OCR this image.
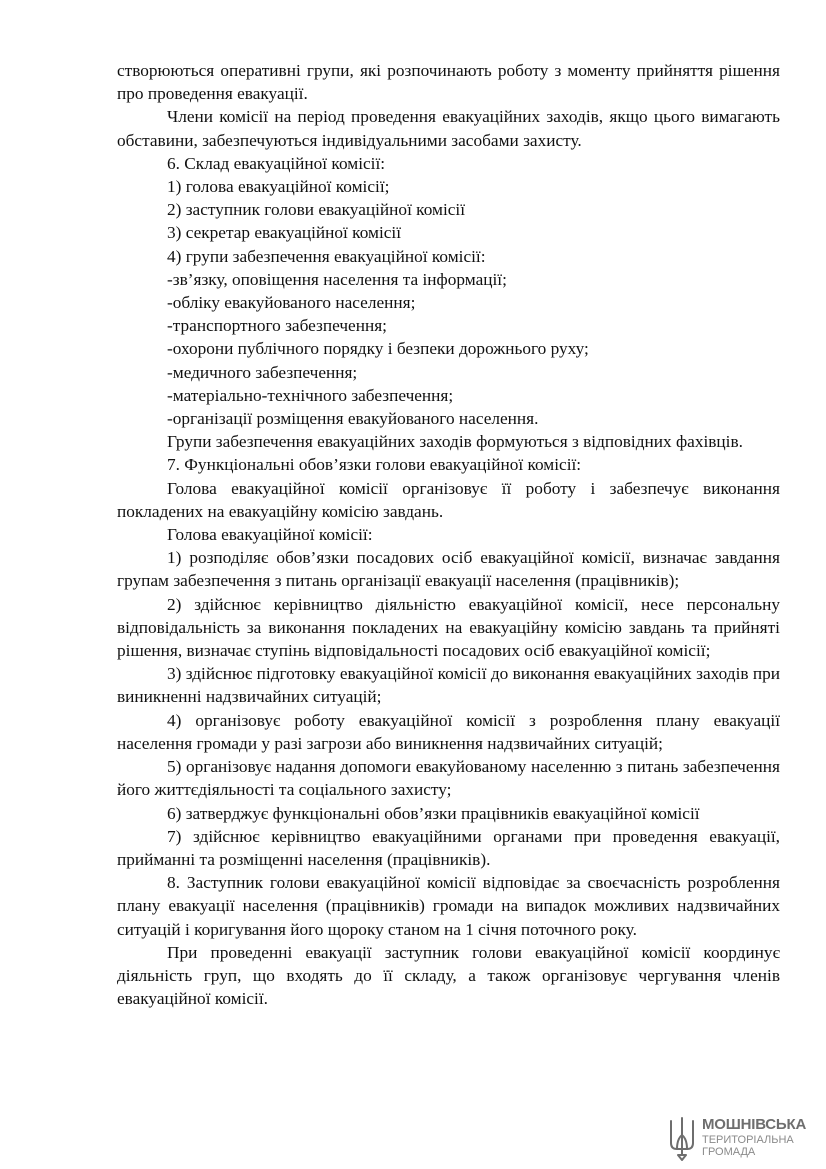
створюються оперативні групи, які розпочинають роботу з моменту прийняття рішення про проведення евакуації.

Члени комісії на період проведення евакуаційних заходів, якщо цього вимагають обставини, забезпечуються індивідуальними засобами захисту.

6. Склад евакуаційної комісії:

1) голова евакуаційної комісії;

2) заступник голови евакуаційної комісії

3) секретар евакуаційної комісії

4) групи забезпечення евакуаційної комісії:

-зв’язку, оповіщення населення та інформації;

-обліку евакуйованого населення;

-транспортного забезпечення;

-охорони публічного порядку і безпеки дорожнього руху;

-медичного забезпечення;

-матеріально-технічного забезпечення;

-організації розміщення евакуйованого населення.

Групи забезпечення евакуаційних заходів формуються з відповідних фахівців.

7. Функціональні обов’язки голови евакуаційної комісії:

Голова евакуаційної комісії організовує її роботу і забезпечує виконання покладених на евакуаційну комісію завдань.

Голова евакуаційної комісії:

1) розподіляє обов’язки посадових осіб евакуаційної комісії, визначає завдання групам забезпечення з питань організації евакуації населення (працівників);

2) здійснює керівництво діяльністю евакуаційної комісії, несе персональну відповідальність за виконання покладених на евакуаційну комісію завдань та прийняті рішення, визначає ступінь відповідальності посадових осіб евакуаційної комісії;

3) здійснює підготовку евакуаційної комісії до виконання евакуаційних заходів при виникненні надзвичайних ситуацій;

4) організовує роботу евакуаційної комісії з розроблення плану евакуації населення громади у разі загрози або виникнення надзвичайних ситуацій;

5) організовує надання допомоги евакуйованому населенню з питань забезпечення його життєдіяльності та соціального захисту;

6) затверджує функціональні обов’язки працівників евакуаційної комісії

7) здійснює керівництво евакуаційними органами при проведення евакуації, прийманні та розміщенні населення (працівників).

8. Заступник голови евакуаційної комісії відповідає за своєчасність розроблення плану евакуації населення (працівників) громади на випадок можливих надзвичайних ситуацій і коригування його щороку станом на 1 січня поточного року.

При проведенні евакуації заступник голови евакуаційної комісії координує діяльність груп, що входять до її складу, а також організовує чергування членів евакуаційної комісії.

МОШНІВСЬКА
ТЕРИТОРІАЛЬНА
ГРОМАДА
